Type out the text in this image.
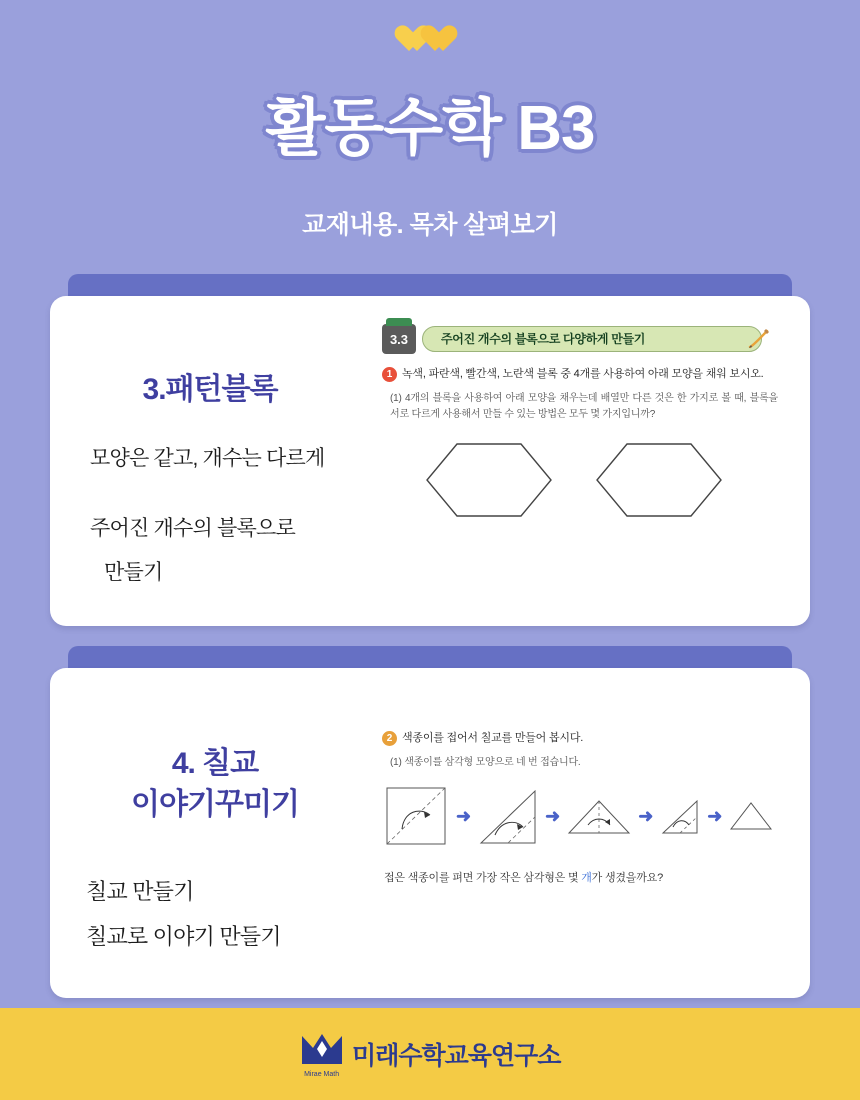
활동수학 B3
교재내용. 목차 살펴보기
3.패턴블록
모양은 같고, 개수는 다르게
주어진 개수의 블록으로
만들기
3.3	주어진 개수의 블록으로 다양하게 만들기
1 녹색, 파란색, 빨간색, 노란색 블록 중 4개를 사용하여 아래 모양을 채워 보시오.
(1) 4개의 블록을 사용하여 아래 모양을 채우는데 배열만 다른 것은 한 가지로 볼 때, 블록을 서로 다르게 사용해서 만들 수 있는 방법은 모두 몇 가지입니까?

4. 칠교
이야기꾸미기
칠교 만들기
칠교로 이야기 만들기
2 색종이를 접어서 칠교를 만들어 봅시다.
(1) 색종이를 삼각형 모양으로 네 번 접습니다.
➜	➜	➜	➜
접은 색종이를 펴면 가장 작은 삼각형은 몇 개가 생겼을까요?
Mirae Math
미래수학교육연구소
